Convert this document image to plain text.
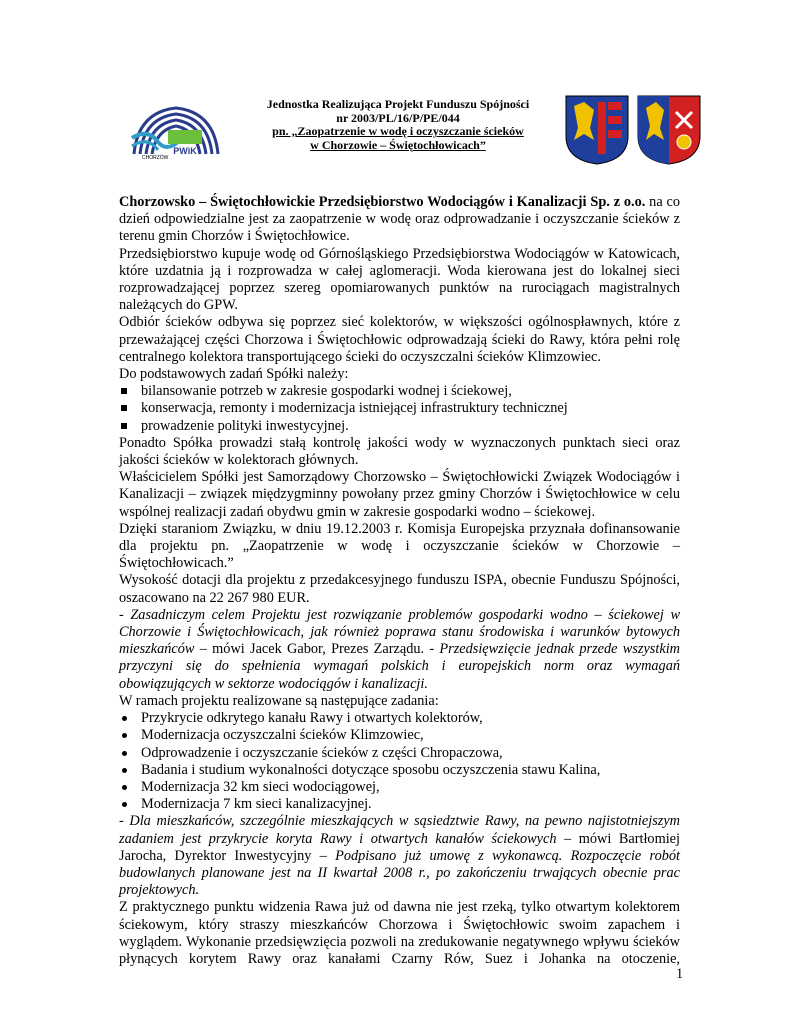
PWiK
CHORZÓW
Jednostka Realizująca Projekt Funduszu Spójności
nr 2003/PL/16/P/PE/044
pn. „Zaopatrzenie w wodę i oczyszczanie ścieków
w Chorzowie – Świętochłowicach”

Chorzowsko – Świętochłowickie Przedsiębiorstwo Wodociągów i Kanalizacji Sp. z o.o. na co dzień odpowiedzialne jest za zaopatrzenie w wodę oraz odprowadzanie i oczyszczanie ścieków z terenu gmin Chorzów i Świętochłowice.

Przedsiębiorstwo kupuje wodę od Górnośląskiego Przedsiębiorstwa Wodociągów w Katowicach, które uzdatnia ją i rozprowadza w całej aglomeracji. Woda kierowana jest do lokalnej sieci rozprowadzającej poprzez szereg opomiarowanych punktów na rurociągach magistralnych należących do GPW.

Odbiór ścieków odbywa się poprzez sieć kolektorów, w większości ogólnospławnych, które z przeważającej części Chorzowa i Świętochłowic odprowadzają ścieki do Rawy, która pełni rolę centralnego kolektora transportującego ścieki do oczyszczalni ścieków Klimzowiec.

Do podstawowych zadań Spółki należy:

bilansowanie potrzeb w zakresie gospodarki wodnej i ściekowej,
konserwacja, remonty i modernizacja istniejącej infrastruktury technicznej
prowadzenie polityki inwestycyjnej.

Ponadto Spółka prowadzi stałą kontrolę jakości wody w wyznaczonych punktach sieci oraz jakości ścieków w kolektorach głównych.

Właścicielem Spółki jest Samorządowy Chorzowsko – Świętochłowicki Związek Wodociągów i Kanalizacji – związek międzygminny powołany przez gminy Chorzów i Świętochłowice w celu wspólnej realizacji zadań obydwu gmin w zakresie gospodarki wodno – ściekowej.

Dzięki staraniom Związku, w dniu 19.12.2003 r. Komisja Europejska przyznała dofinansowanie dla projektu pn. „Zaopatrzenie w wodę i oczyszczanie ścieków w Chorzowie – Świętochłowicach.”

Wysokość dotacji dla projektu z przedakcesyjnego funduszu ISPA, obecnie Funduszu Spójności, oszacowano na 22 267 980 EUR.

- Zasadniczym celem Projektu jest rozwiązanie problemów gospodarki wodno – ściekowej w Chorzowie i Świętochłowicach, jak również poprawa stanu środowiska i warunków bytowych mieszkańców – mówi Jacek Gabor, Prezes Zarządu. - Przedsięwzięcie jednak przede wszystkim przyczyni się do spełnienia wymagań polskich i europejskich norm oraz wymagań obowiązujących w sektorze wodociągów i kanalizacji.

W ramach projektu realizowane są następujące zadania:

Przykrycie odkrytego kanału Rawy i otwartych kolektorów,
Modernizacja oczyszczalni ścieków Klimzowiec,
Odprowadzenie i oczyszczanie ścieków z części Chropaczowa,
Badania i studium wykonalności dotyczące sposobu oczyszczenia stawu Kalina,
Modernizacja 32 km sieci wodociągowej,
Modernizacja 7 km sieci kanalizacyjnej.

- Dla mieszkańców, szczególnie mieszkających w sąsiedztwie Rawy, na pewno najistotniejszym zadaniem jest przykrycie koryta Rawy i otwartych kanałów ściekowych – mówi Bartłomiej Jarocha, Dyrektor Inwestycyjny – Podpisano już umowę z wykonawcą. Rozpoczęcie robót budowlanych planowane jest na II kwartał 2008 r., po zakończeniu trwających obecnie prac projektowych.

Z praktycznego punktu widzenia Rawa już od dawna nie jest rzeką, tylko otwartym kolektorem ściekowym, który straszy mieszkańców Chorzowa i Świętochłowic swoim zapachem i wyglądem. Wykonanie przedsięwzięcia pozwoli na zredukowanie negatywnego wpływu ścieków płynących korytem Rawy oraz kanałami Czarny Rów, Suez i Johanka na otoczenie,

1
